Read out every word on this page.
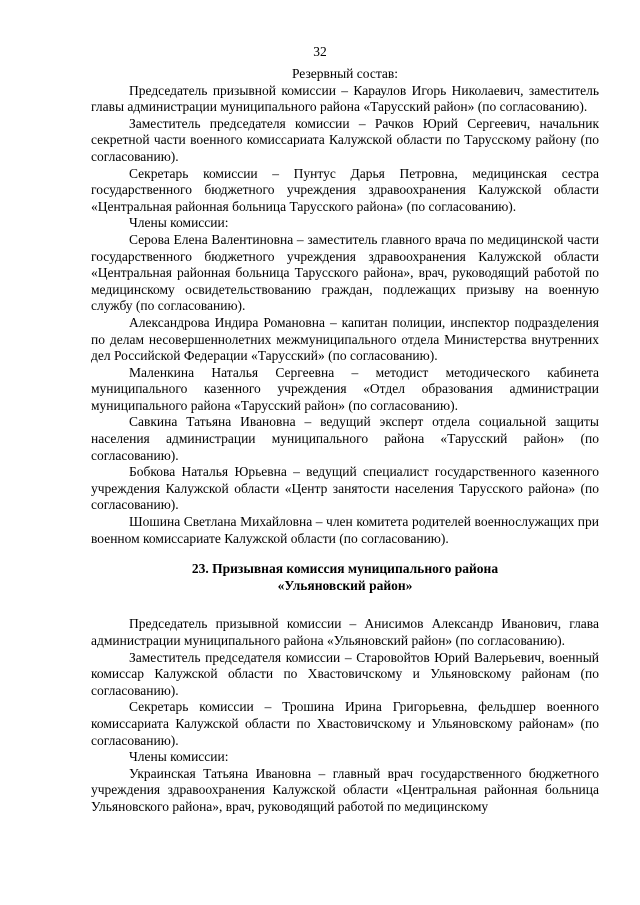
32

Резервный состав:

Председатель призывной комиссии – Караулов Игорь Николаевич, заместитель главы администрации муниципального района «Тарусский район» (по согласованию).

Заместитель председателя комиссии – Рачков Юрий Сергеевич, начальник секретной части военного комиссариата Калужской области по Тарусскому району (по согласованию).

Секретарь комиссии – Пунтус Дарья Петровна, медицинская сестра государственного бюджетного учреждения здравоохранения Калужской области «Центральная районная больница Тарусского района» (по согласованию).

Члены комиссии:

Серова Елена Валентиновна – заместитель главного врача по медицинской части государственного бюджетного учреждения здравоохранения Калужской области «Центральная районная больница Тарусского района», врач, руководящий работой по медицинскому освидетельствованию граждан, подлежащих призыву на военную службу (по согласованию).

Александрова Индира Романовна – капитан полиции, инспектор подразделения по делам несовершеннолетних межмуниципального отдела Министерства внутренних дел Российской Федерации «Тарусский» (по согласованию).

Маленкина Наталья Сергеевна – методист методического кабинета муниципального казенного учреждения «Отдел образования администрации муниципального района «Тарусский район» (по согласованию).

Савкина Татьяна Ивановна – ведущий эксперт отдела социальной защиты населения администрации муниципального района «Тарусский район» (по согласованию).

Бобкова Наталья Юрьевна – ведущий специалист государственного казенного учреждения Калужской области «Центр занятости населения Тарусского района» (по согласованию).

Шошина Светлана Михайловна – член комитета родителей военнослужащих при военном комиссариате Калужской области (по согласованию).

23. Призывная комиссия муниципального района

«Ульяновский район»

Председатель призывной комиссии – Анисимов Александр Иванович, глава администрации муниципального района «Ульяновский район» (по согласованию).

Заместитель председателя комиссии – Старовойтов Юрий Валерьевич, военный комиссар Калужской области по Хвастовичскому и Ульяновскому районам (по согласованию).

Секретарь комиссии – Трошина Ирина Григорьевна, фельдшер военного комиссариата Калужской области по Хвастовичскому и Ульяновскому районам» (по согласованию).

Члены комиссии:

Украинская Татьяна Ивановна – главный врач государственного бюджетного учреждения здравоохранения Калужской области «Центральная районная больница Ульяновского района», врач, руководящий работой по медицинскому
